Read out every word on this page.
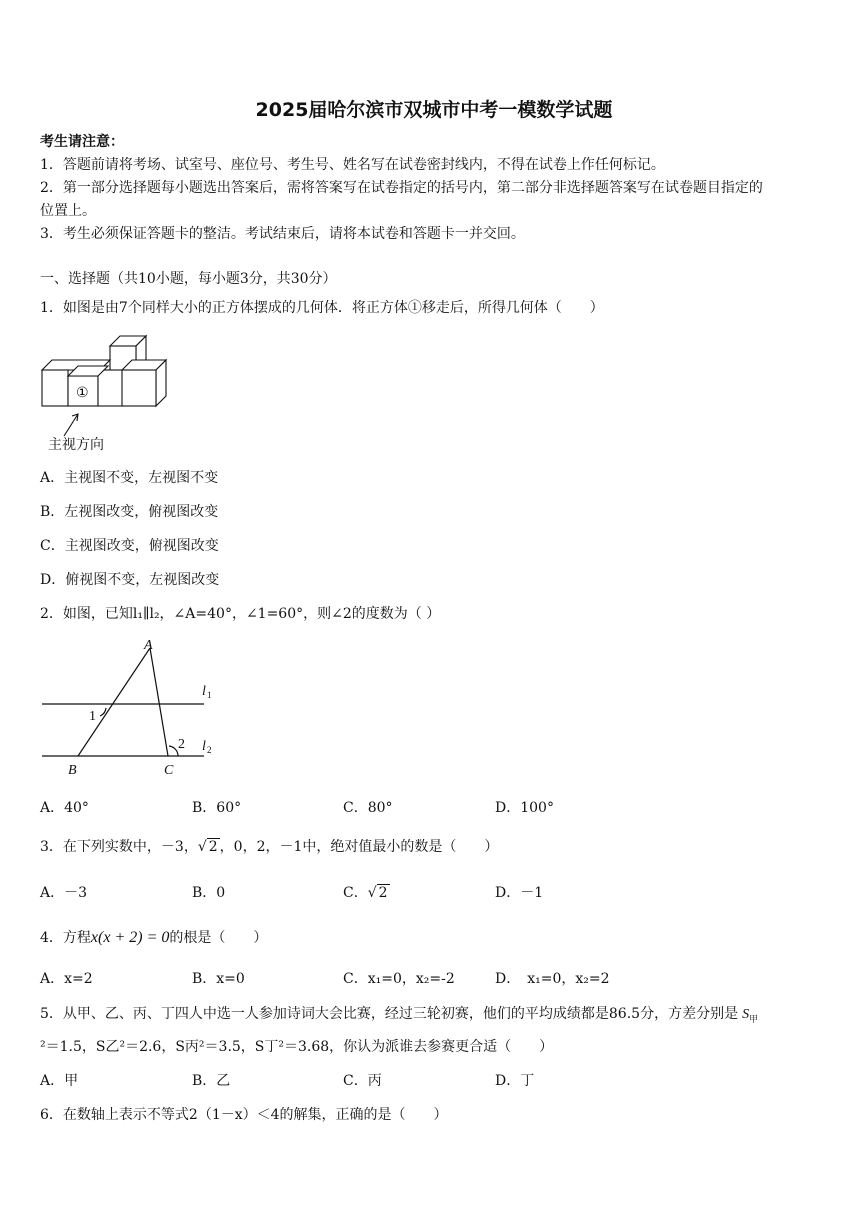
2025届哈尔滨市双城市中考一模数学试题
考生请注意：
1．答题前请将考场、试室号、座位号、考生号、姓名写在试卷密封线内，不得在试卷上作任何标记。
2．第一部分选择题每小题选出答案后，需将答案写在试卷指定的括号内，第二部分非选择题答案写在试卷题目指定的
位置上。
3．考生必须保证答题卡的整洁。考试结束后，请将本试卷和答题卡一并交回。
一、选择题（共10小题，每小题3分，共30分）
1．如图是由7个同样大小的正方体摆成的几何体．将正方体①移走后，所得几何体（　　）
①
主视方向
A．主视图不变，左视图不变
B．左视图改变，俯视图改变
C．主视图改变，俯视图改变
D．俯视图不变，左视图改变
2．如图，已知l₁∥l₂，∠A=40°，∠1=60°，则∠2的度数为（ ）
A
B	C
l
l
1
2
1
2
A．40°	B．60°	C．80°	D．100°
3．在下列实数中，－3，√ 2 ，0，2，－1中，绝对值最小的数是（　　）
A．－3	B．0	C．√ 2	D．－1
4．方程x(x + 2) = 0的根是（　　）
A．x=2	B．x=0	C．x₁=0，x₂=-2	D．　x₁=0，x₂=2
5．从甲、乙、丙、丁四人中选一人参加诗词大会比赛，经过三轮初赛，他们的平均成绩都是86.5分，方差分别是 $S_甲$
²＝1.5，S乙²＝2.6，S丙²＝3.5，S丁²＝3.68，你认为派谁去参赛更合适（　　）
A．甲	B．乙	C．丙	D．丁
6．在数轴上表示不等式2（1－x）＜4的解集，正确的是（　　）
